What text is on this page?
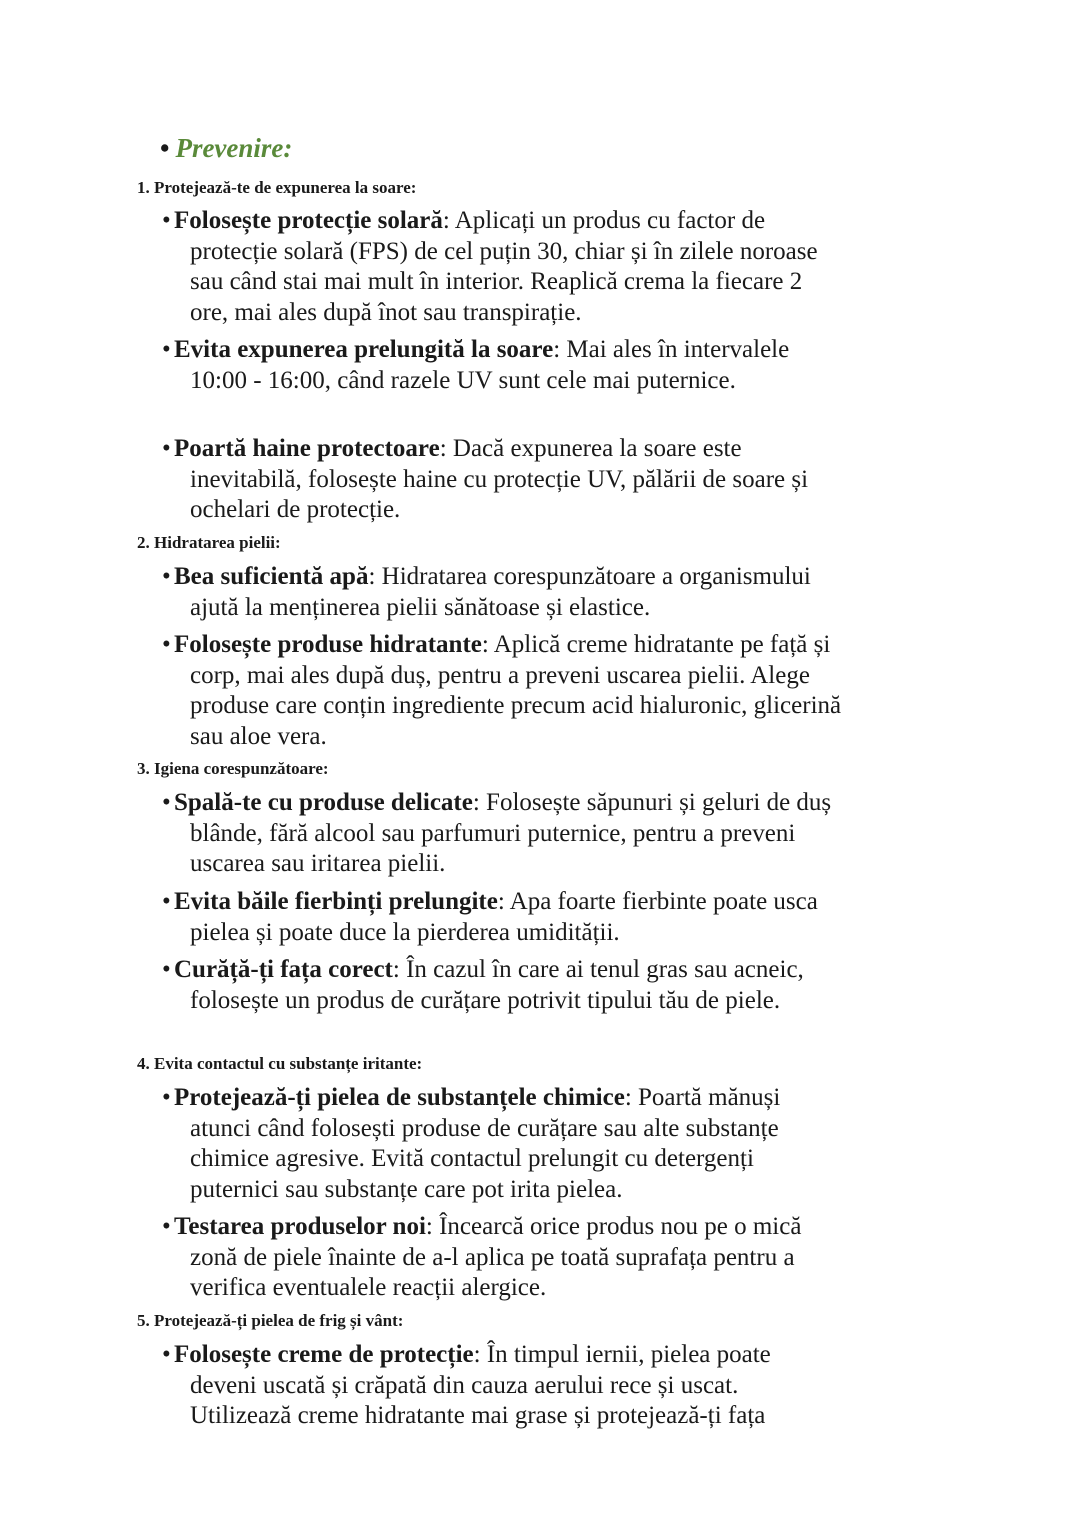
• Prevenire:
1. Protejează-te de expunerea la soare:
• Folosește protecție solară: Aplicați un produs cu factor de protecție solară (FPS) de cel puțin 30, chiar și în zilele noroase sau când stai mai mult în interior. Reaplică crema la fiecare 2 ore, mai ales după înot sau transpirație.
• Evita expunerea prelungită la soare: Mai ales în intervalele 10:00 - 16:00, când razele UV sunt cele mai puternice.
• Poartă haine protectoare: Dacă expunerea la soare este inevitabilă, folosește haine cu protecție UV, pălării de soare și ochelari de protecție.
2. Hidratarea pielii:
• Bea suficientă apă: Hidratarea corespunzătoare a organismului ajută la menținerea pielii sănătoase și elastice.
• Folosește produse hidratante: Aplică creme hidratante pe față și corp, mai ales după duș, pentru a preveni uscarea pielii. Alege produse care conțin ingrediente precum acid hialuronic, glicerină sau aloe vera.
3. Igiena corespunzătoare:
• Spală-te cu produse delicate: Folosește săpunuri și geluri de duș blânde, fără alcool sau parfumuri puternice, pentru a preveni uscarea sau iritarea pielii.
• Evita băile fierbinți prelungite: Apa foarte fierbinte poate usca pielea și poate duce la pierderea umidității.
• Curăță-ți fața corect: În cazul în care ai tenul gras sau acneic, folosește un produs de curățare potrivit tipului tău de piele.
4. Evita contactul cu substanțe iritante:
• Protejează-ți pielea de substanțele chimice: Poartă mănuși atunci când folosești produse de curățare sau alte substanțe chimice agresive. Evită contactul prelungit cu detergenți puternici sau substanțe care pot irita pielea.
• Testarea produselor noi: Încearcă orice produs nou pe o mică zonă de piele înainte de a-l aplica pe toată suprafața pentru a verifica eventualele reacții alergice.
5. Protejează-ți pielea de frig și vânt:
• Folosește creme de protecție: În timpul iernii, pielea poate deveni uscată și crăpată din cauza aerului rece și uscat. Utilizează creme hidratante mai grase și protejează-ți fața
